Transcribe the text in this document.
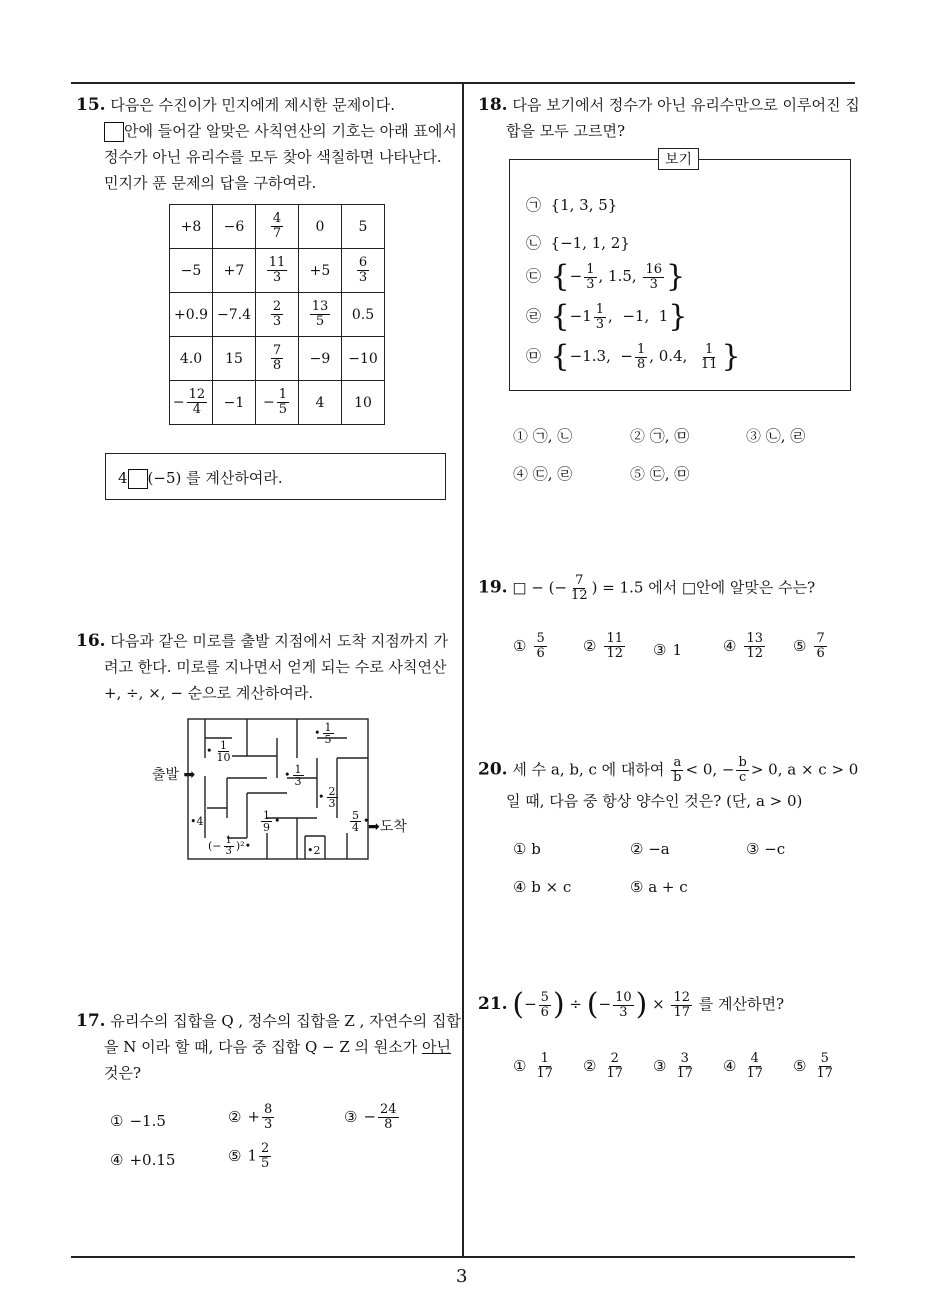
3
15. 다음은 수진이가 민지에게 제시한 문제이다.
안에 들어갈 알맞은 사칙연산의 기호는 아래 표에서
정수가 아닌 유리수를 모두 찾아 색칠하면 나타난다.
민지가 푼 문제의 답을 구하여라.
+8	−6	$\frac{4}{7}$	0	5
−5	+7	$\frac{11}{3}$	+5	$\frac{6}{3}$

+0.9	−7.4	$\frac{2}{3}$	$\frac{13}{5}$	0.5
4.0	15	$\frac{7}{8}$	−9	−10
− $\frac{12}{4}$	−1	− $\frac{1}{5}$	4	10
4 (−5) 를 계산하여라.
16. 다음과 같은 미로를 출발 지점에서 도착 지점까지 가
려고 한다. 미로를 지나면서 얻게 되는 수로 사칙연산
+, ÷, ×, − 순으로 계산하여라.
출발 ➡
• $\frac{1}{10}$
• $\frac{1}{5}$
• $\frac{1}{3}$
• $\frac{2}{3}$
•4	$\frac{1}{9}$ •	$\frac{5}{4}$ •
(− $\frac{1}{3}$ )²•	•2
➡도착
17. 유리수의 집합을 Q , 정수의 집합을 Z , 자연수의 집합
을 N 이라 할 때, 다음 중 집합 Q − Z 의 원소가 아닌
것은?
① −1.5	② + $\frac{8}{3}$	③ − $\frac{24}{8}$
④ +0.15	⑤ $1 \frac{2}{5}$
18. 다음 보기에서 정수가 아닌 유리수만으로 이루어진 집
합을 모두 고르면?
보기
㉠  {1, 3, 5}
㉡  {−1, 1, 2}
㉢  {− $\frac{1}{3}$ , 1.5, $\frac{16}{3}$ }
㉣  {$-1 \frac{1}{3}$ ,  −1,  1}
㉤  {−1.3,  − $\frac{1}{8}$ , 0.4, $\frac{1}{11}$ }
① ㉠, ㉡	② ㉠, ㉤	③ ㉡, ㉣
④ ㉢, ㉣	⑤ ㉢, ㉤
19. □ − (− $\frac{7}{12}$ ) = 1.5 에서 □안에 알맞은 수는?
① $\frac{5}{6}$ ② $\frac{11}{12}$ ③ 1	④ $\frac{13}{12}$ ⑤ $\frac{7}{6}$
20. 세 수 a, b, c 에 대하여 $\frac{a}{b} < 0$, − $\frac{b}{c} > 0$, a × c > 0
일 때, 다음 중 항상 양수인 것은? (단, a > 0)
① b	② −a	③ −c
④ b × c	⑤ a + c
21. (− $\frac{5}{6}$ ) ÷ (− $\frac{10}{3}$ ) × $\frac{12}{17}$ 를 계산하면?
① $\frac{1}{17}$ ② $\frac{2}{17}$ ③ $\frac{3}{17}$ ④ $\frac{4}{17}$ ⑤ $\frac{5}{17}$
